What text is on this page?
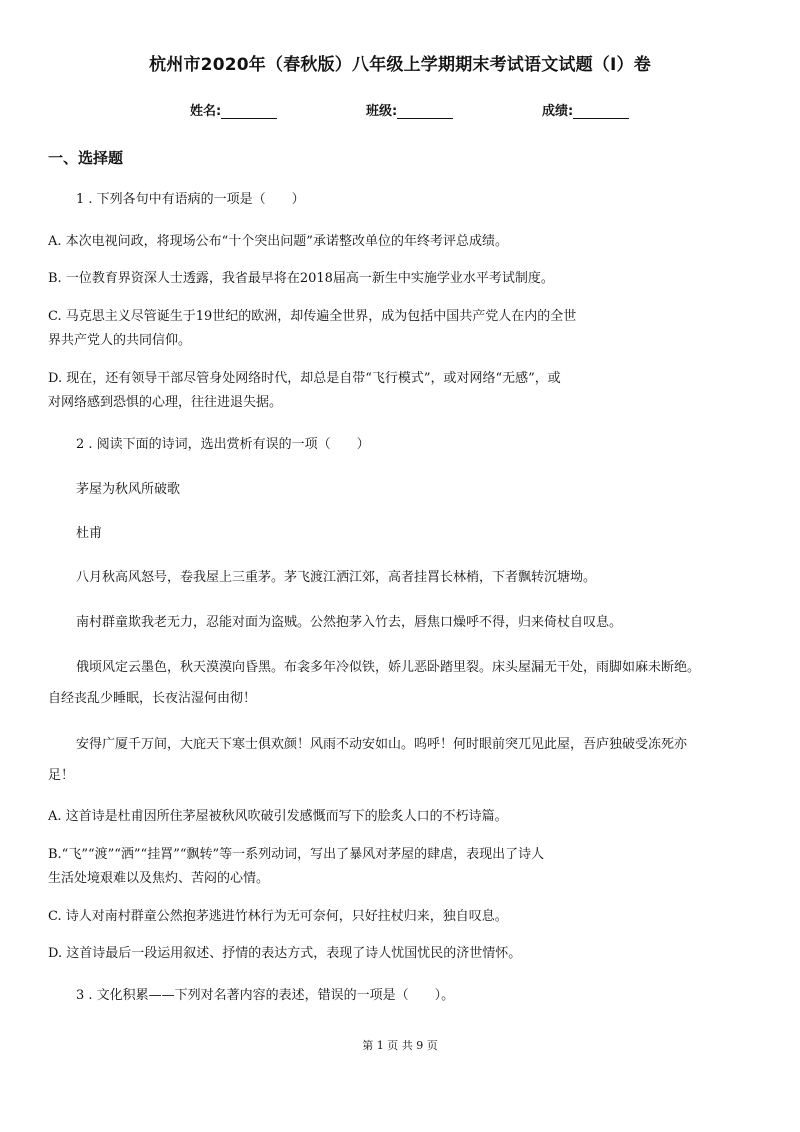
杭州市2020年（春秋版）八年级上学期期末考试语文试题（I）卷
姓名:	班级:	成绩:
一、选择题
1 . 下列各句中有语病的一项是（　　）
A. 本次电视问政，将现场公布“十个突出问题”承诺整改单位的年终考评总成绩。
B. 一位教育界资深人士透露，我省最早将在2018届高一新生中实施学业水平考试制度。
C. 马克思主义尽管诞生于19世纪的欧洲，却传遍全世界，成为包括中国共产党人在内的全世
界共产党人的共同信仰。
D. 现在，还有领导干部尽管身处网络时代，却总是自带“飞行模式”，或对网络“无感”，或
对网络感到恐惧的心理，往往进退失据。
2 . 阅读下面的诗词，选出赏析有误的一项（　　）
茅屋为秋风所破歌
杜甫
八月秋高风怒号，卷我屋上三重茅。茅飞渡江洒江郊，高者挂罥长林梢，下者飘转沉塘坳。
南村群童欺我老无力，忍能对面为盗贼。公然抱茅入竹去，唇焦口燥呼不得，归来倚杖自叹息。
俄顷风定云墨色，秋天漠漠向昏黑。布衾多年冷似铁，娇儿恶卧踏里裂。床头屋漏无干处，雨脚如麻未断绝。
自经丧乱少睡眠，长夜沾湿何由彻！
安得广厦千万间，大庇天下寒士俱欢颜！风雨不动安如山。呜呼！何时眼前突兀见此屋，吾庐独破受冻死亦
足！
A. 这首诗是杜甫因所住茅屋被秋风吹破引发感慨而写下的脍炙人口的不朽诗篇。
B.“飞”“渡”“洒”“挂罥”“飘转”等一系列动词，写出了暴风对茅屋的肆虐，表现出了诗人
生活处境艰难以及焦灼、苦闷的心情。
C. 诗人对南村群童公然抱茅逃进竹林行为无可奈何，只好拄杖归来，独自叹息。
D. 这首诗最后一段运用叙述、抒情的表达方式，表现了诗人忧国忧民的济世情怀。
3 . 文化积累——下列对名著内容的表述，错误的一项是（　　）。
第 1 页 共 9 页
